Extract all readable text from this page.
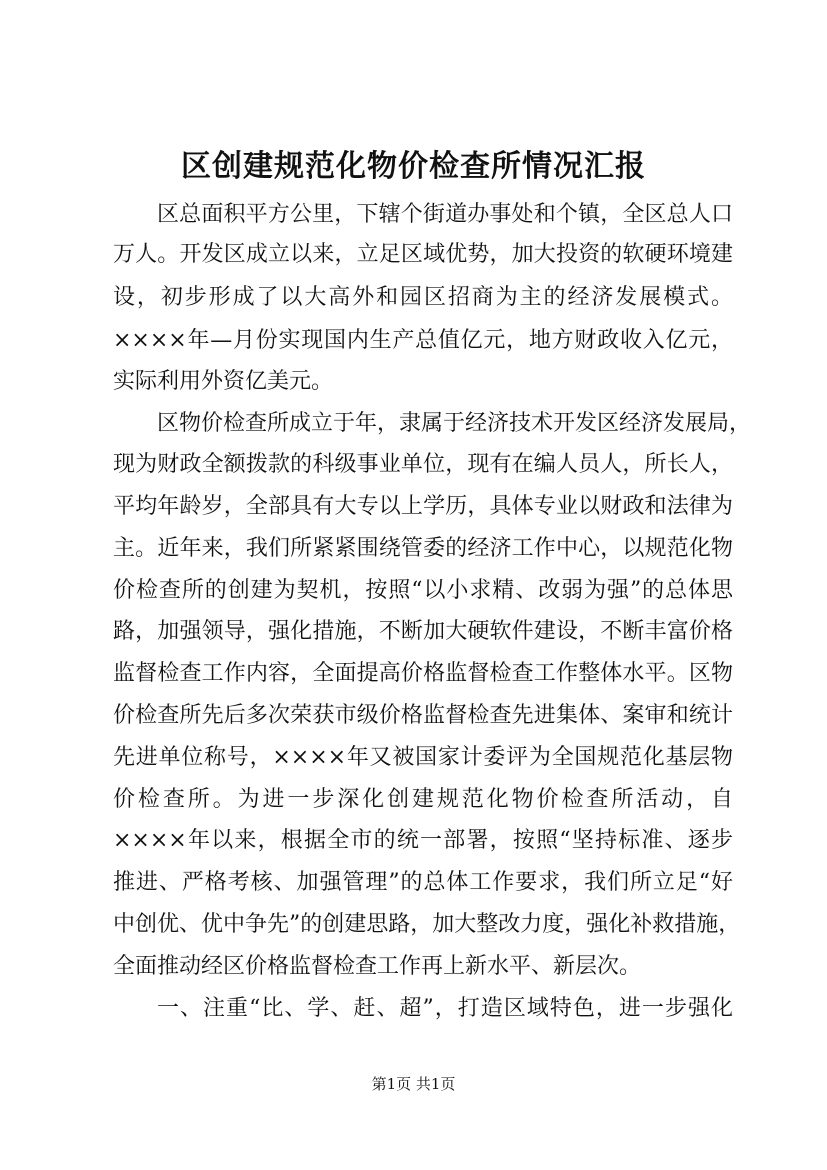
区创建规范化物价检查所情况汇报
区总面积平方公里，下辖个街道办事处和个镇，全区总人口
万人。开发区成立以来，立足区域优势，加大投资的软硬环境建
设，初步形成了以大高外和园区招商为主的经济发展模式。
××××年—月份实现国内生产总值亿元，地方财政收入亿元，
实际利用外资亿美元。
区物价检查所成立于年，隶属于经济技术开发区经济发展局，
现为财政全额拨款的科级事业单位，现有在编人员人，所长人，
平均年龄岁，全部具有大专以上学历，具体专业以财政和法律为
主。近年来，我们所紧紧围绕管委的经济工作中心，以规范化物
价检查所的创建为契机，按照“以小求精、改弱为强”的总体思
路，加强领导，强化措施，不断加大硬软件建设，不断丰富价格
监督检查工作内容，全面提高价格监督检查工作整体水平。区物
价检查所先后多次荣获市级价格监督检查先进集体、案审和统计
先进单位称号，××××年又被国家计委评为全国规范化基层物
价检查所。为进一步深化创建规范化物价检查所活动，自
××××年以来，根据全市的统一部署，按照“坚持标准、逐步
推进、严格考核、加强管理”的总体工作要求，我们所立足“好
中创优、优中争先”的创建思路，加大整改力度，强化补救措施，
全面推动经区价格监督检查工作再上新水平、新层次。
一、注重“比、学、赶、超”，打造区域特色，进一步强化
第1页 共1页
